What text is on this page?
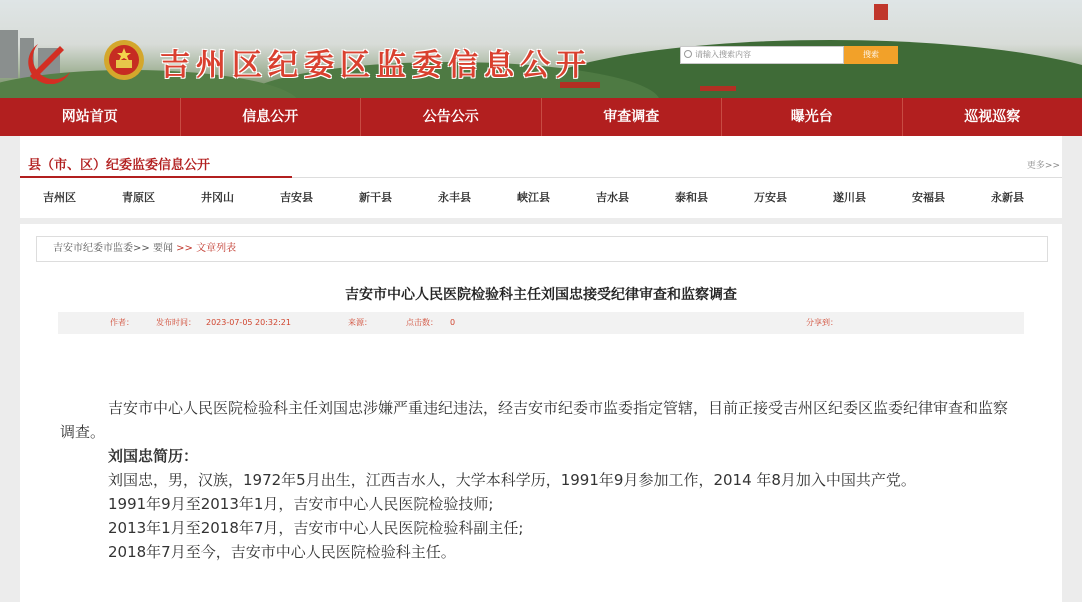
吉州区纪委区监委信息公开	请输入搜索内容	搜索
网站首页	信息公开	公告公示	审查调查	曝光台	巡视巡察
县（市、区）纪委监委信息公开	更多>>
吉州区	青原区	井冈山	吉安县	新干县	永丰县	峡江县	吉水县	泰和县	万安县	遂川县	安福县	永新县
吉安市纪委市监委>> 要闻 >> 文章列表
吉安市中心人民医院检验科主任刘国忠接受纪律审查和监察调查
作者：	发布时间： 2023-07-05 20:32:21	来源：	点击数： 0	分享到：

吉安市中心人民医院检验科主任刘国忠涉嫌严重违纪违法，经吉安市纪委市监委指定管辖，目前正接受吉州区纪委区监委纪律审查和监察调查。

刘国忠简历：

刘国忠，男，汉族，1972年5月出生，江西吉水人，大学本科学历，1991年9月参加工作，2014 年8月加入中国共产党。

1991年9月至2013年1月，吉安市中心人民医院检验技师;

2013年1月至2018年7月，吉安市中心人民医院检验科副主任;

2018年7月至今，吉安市中心人民医院检验科主任。
